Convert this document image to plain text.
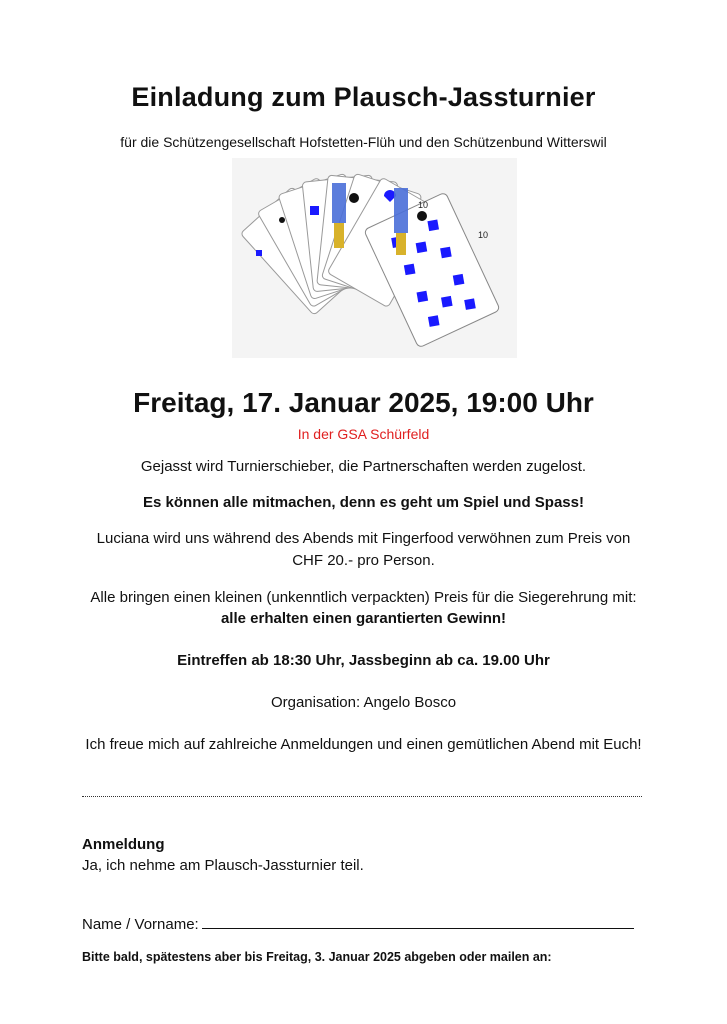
Einladung zum Plausch-Jassturnier
für die Schützengesellschaft Hofstetten-Flüh und den Schützenbund Witterswil
10
10
Freitag, 17. Januar 2025, 19:00 Uhr
In der GSA Schürfeld
Gejasst wird Turnierschieber, die Partnerschaften werden zugelost.
Es können alle mitmachen, denn es geht um Spiel und Spass!
Luciana wird uns während des Abends mit Fingerfood verwöhnen zum Preis von
CHF 20.- pro Person.
Alle bringen einen kleinen (unkenntlich verpackten) Preis für die Siegerehrung mit:
alle erhalten einen garantierten Gewinn!
Eintreffen ab 18:30 Uhr, Jassbeginn ab ca. 19.00 Uhr
Organisation: Angelo Bosco
Ich freue mich auf zahlreiche Anmeldungen und einen gemütlichen Abend mit Euch!
Anmeldung
Ja, ich nehme am Plausch-Jassturnier teil.
Name / Vorname:
Bitte bald, spätestens aber bis Freitag, 3. Januar 2025 abgeben oder mailen an:
